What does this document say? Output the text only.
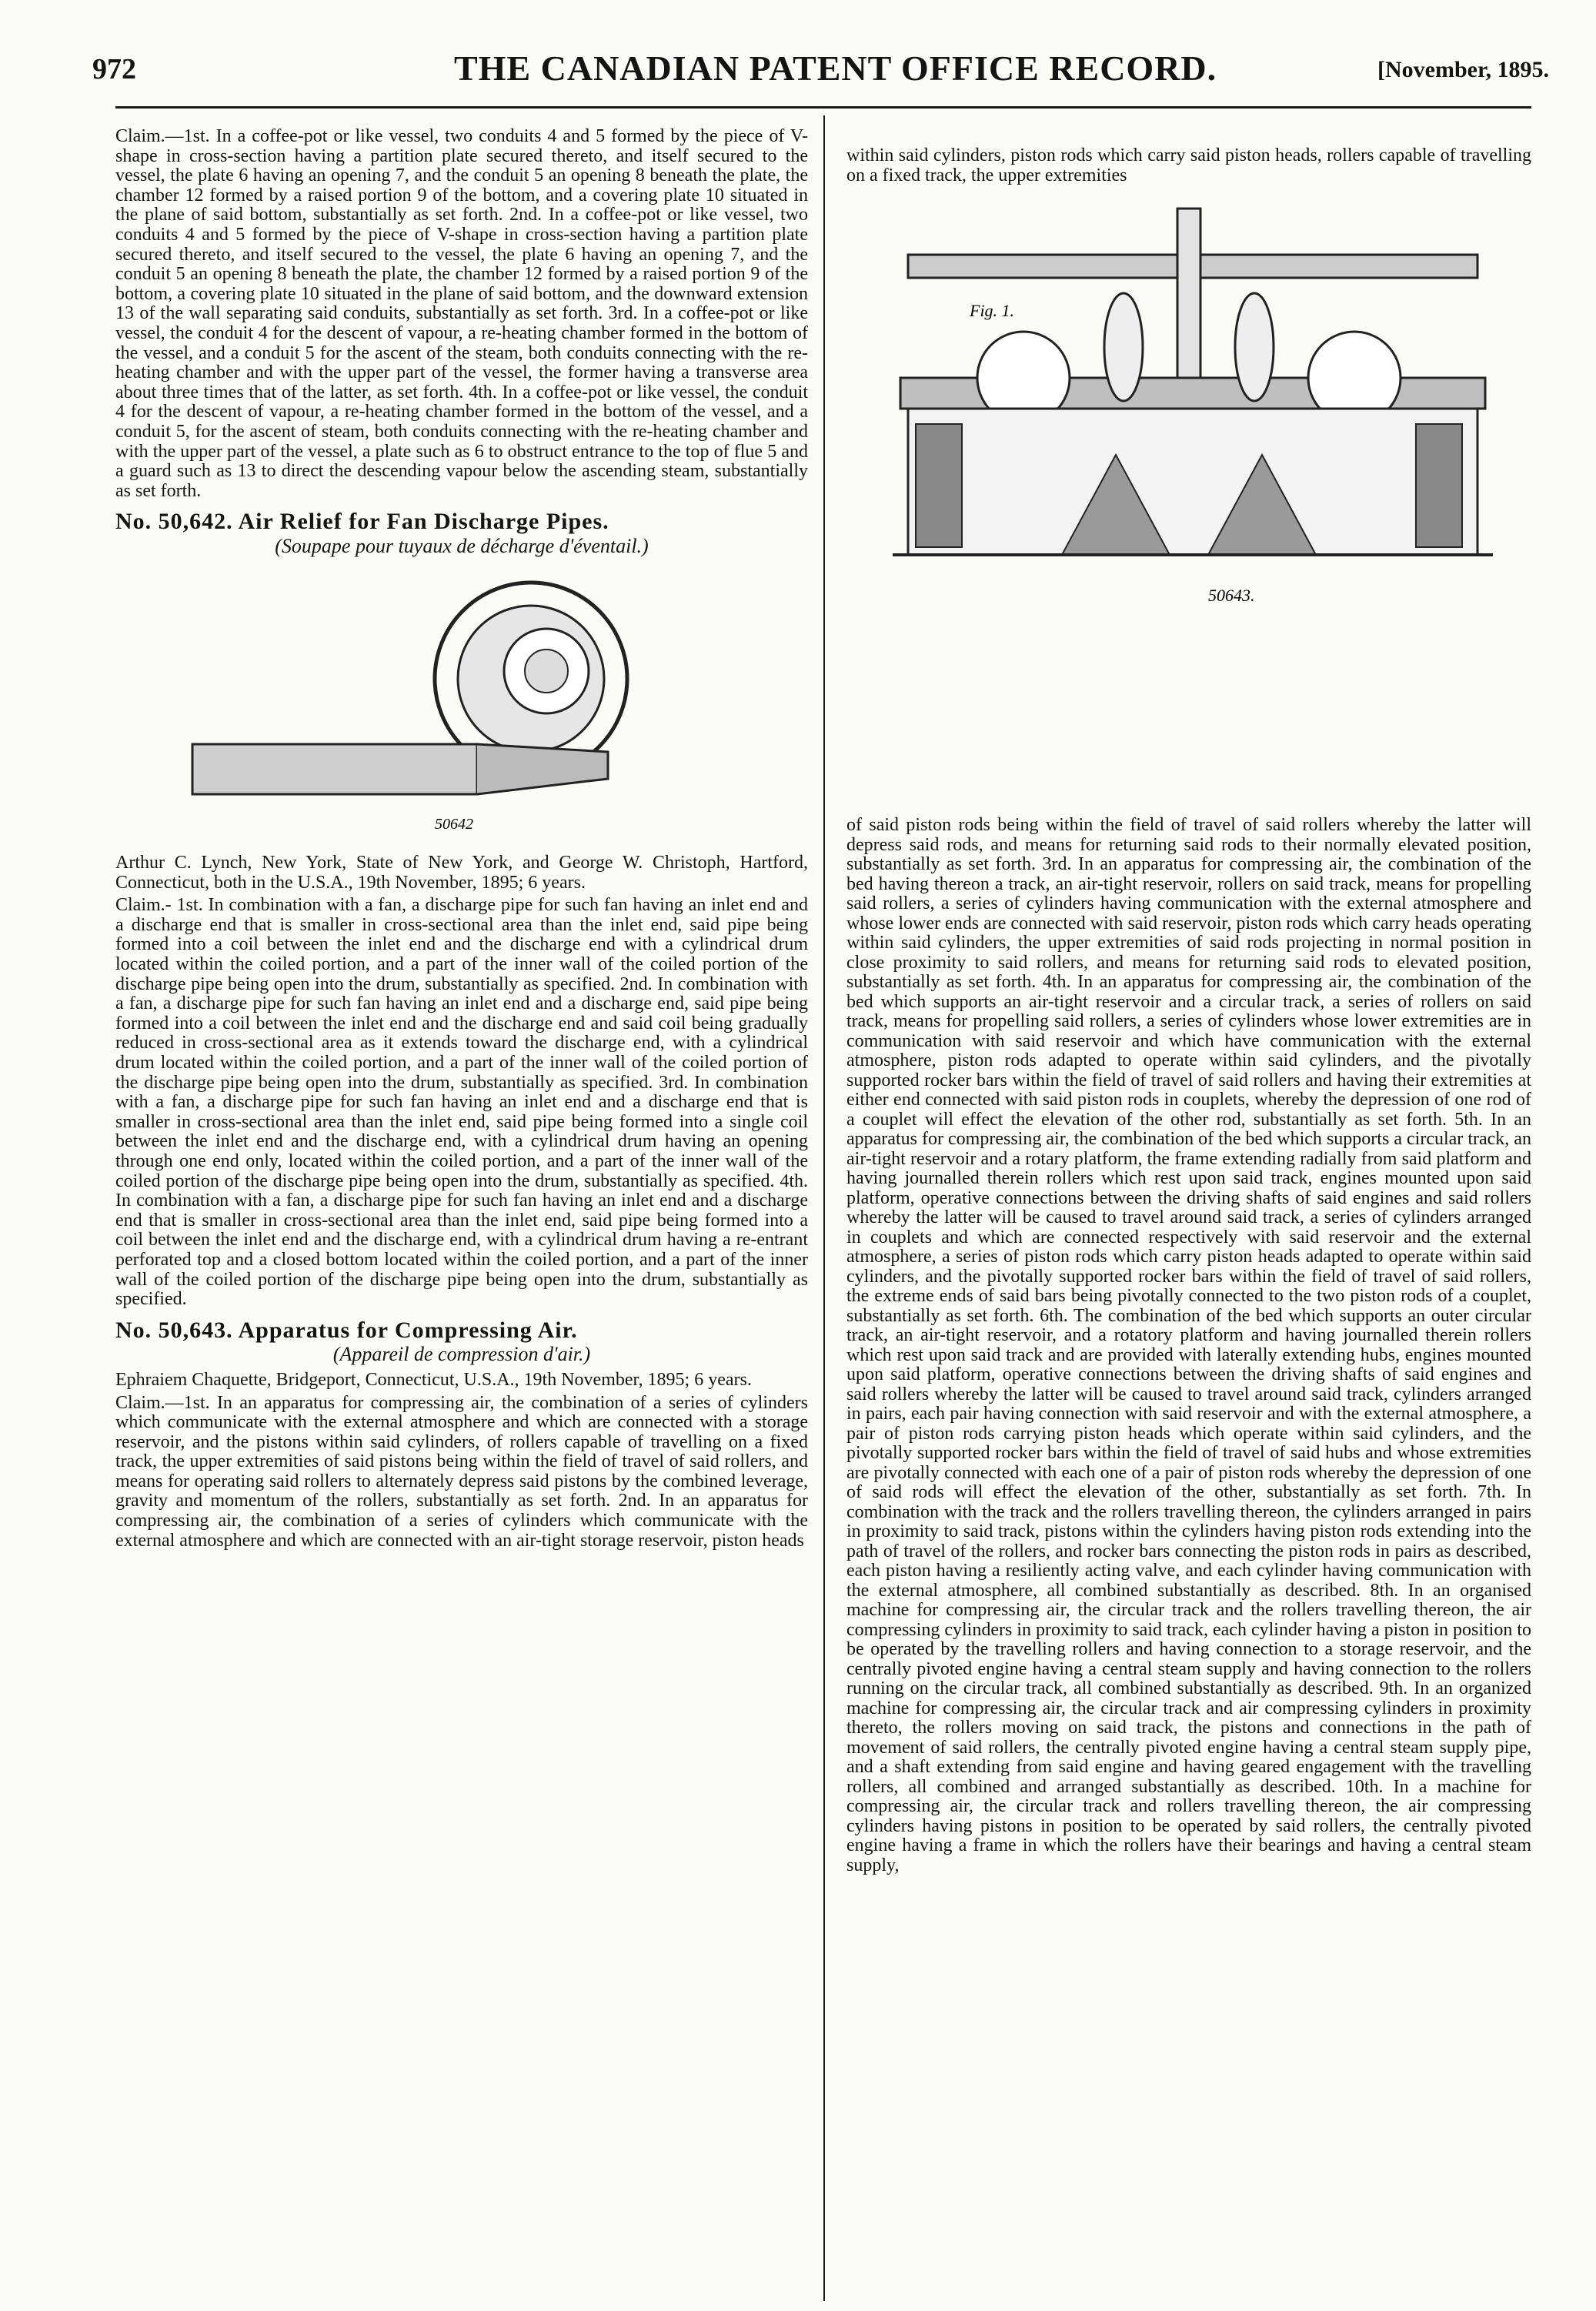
972	THE CANADIAN PATENT OFFICE RECORD.	[November, 1895.

Claim.—1st. In a coffee-pot or like vessel, two conduits 4 and 5 formed by the piece of V-shape in cross-section having a partition plate secured thereto, and itself secured to the vessel, the plate 6 having an opening 7, and the conduit 5 an opening 8 beneath the plate, the chamber 12 formed by a raised portion 9 of the bottom, and a covering plate 10 situated in the plane of said bottom, substantially as set forth. 2nd. In a coffee-pot or like vessel, two conduits 4 and 5 formed by the piece of V-shape in cross-section having a partition plate secured thereto, and itself secured to the vessel, the plate 6 having an opening 7, and the conduit 5 an opening 8 beneath the plate, the chamber 12 formed by a raised portion 9 of the bottom, a covering plate 10 situated in the plane of said bottom, and the downward extension 13 of the wall separating said conduits, substantially as set forth. 3rd. In a coffee-pot or like vessel, the conduit 4 for the descent of vapour, a re-heating chamber formed in the bottom of the vessel, and a conduit 5 for the ascent of the steam, both conduits connecting with the re-heating chamber and with the upper part of the vessel, the former having a transverse area about three times that of the latter, as set forth. 4th. In a coffee-pot or like vessel, the conduit 4 for the descent of vapour, a re-heating chamber formed in the bottom of the vessel, and a conduit 5, for the ascent of steam, both conduits connecting with the re-heating chamber and with the upper part of the vessel, a plate such as 6 to obstruct entrance to the top of flue 5 and a guard such as 13 to direct the descending vapour below the ascending steam, substantially as set forth.

No. 50,642. Air Relief for Fan Discharge Pipes.
(Soupape pour tuyaux de décharge d'éventail.)
50642

Arthur C. Lynch, New York, State of New York, and George W. Christoph, Hartford, Connecticut, both in the U.S.A., 19th November, 1895; 6 years.

Claim.- 1st. In combination with a fan, a discharge pipe for such fan having an inlet end and a discharge end that is smaller in cross-sectional area than the inlet end, said pipe being formed into a coil between the inlet end and the discharge end with a cylindrical drum located within the coiled portion, and a part of the inner wall of the coiled portion of the discharge pipe being open into the drum, substantially as specified. 2nd. In combination with a fan, a discharge pipe for such fan having an inlet end and a discharge end, said pipe being formed into a coil between the inlet end and the discharge end and said coil being gradually reduced in cross-sectional area as it extends toward the discharge end, with a cylindrical drum located within the coiled portion, and a part of the inner wall of the coiled portion of the discharge pipe being open into the drum, substantially as specified. 3rd. In combination with a fan, a discharge pipe for such fan having an inlet end and a discharge end that is smaller in cross-sectional area than the inlet end, said pipe being formed into a single coil between the inlet end and the discharge end, with a cylindrical drum having an opening through one end only, located within the coiled portion, and a part of the inner wall of the coiled portion of the discharge pipe being open into the drum, substantially as specified. 4th. In combination with a fan, a discharge pipe for such fan having an inlet end and a discharge end that is smaller in cross-sectional area than the inlet end, said pipe being formed into a coil between the inlet end and the discharge end, with a cylindrical drum having a re-entrant perforated top and a closed bottom located within the coiled portion, and a part of the inner wall of the coiled portion of the discharge pipe being open into the drum, substantially as specified.

No. 50,643. Apparatus for Compressing Air.
(Appareil de compression d'air.)

Ephraiem Chaquette, Bridgeport, Connecticut, U.S.A., 19th November, 1895; 6 years.

Claim.—1st. In an apparatus for compressing air, the combination of a series of cylinders which communicate with the external atmosphere and which are connected with a storage reservoir, and the pistons within said cylinders, of rollers capable of travelling on a fixed track, the upper extremities of said pistons being within the field of travel of said rollers, and means for operating said rollers to alternately depress said pistons by the combined leverage, gravity and momentum of the rollers, substantially as set forth. 2nd. In an apparatus for compressing air, the combination of a series of cylinders which communicate with the external atmosphere and which are connected with an air-tight storage reservoir, piston heads

within said cylinders, piston rods which carry said piston heads, rollers capable of travelling on a fixed track, the upper extremities

Fig. 1.
50643.

of said piston rods being within the field of travel of said rollers whereby the latter will depress said rods, and means for returning said rods to their normally elevated position, substantially as set forth. 3rd. In an apparatus for compressing air, the combination of the bed having thereon a track, an air-tight reservoir, rollers on said track, means for propelling said rollers, a series of cylinders having communication with the external atmosphere and whose lower ends are connected with said reservoir, piston rods which carry heads operating within said cylinders, the upper extremities of said rods projecting in normal position in close proximity to said rollers, and means for returning said rods to elevated position, substantially as set forth. 4th. In an apparatus for compressing air, the combination of the bed which supports an air-tight reservoir and a circular track, a series of rollers on said track, means for propelling said rollers, a series of cylinders whose lower extremities are in communication with said reservoir and which have communication with the external atmosphere, piston rods adapted to operate within said cylinders, and the pivotally supported rocker bars within the field of travel of said rollers and having their extremities at either end connected with said piston rods in couplets, whereby the depression of one rod of a couplet will effect the elevation of the other rod, substantially as set forth. 5th. In an apparatus for compressing air, the combination of the bed which supports a circular track, an air-tight reservoir and a rotary platform, the frame extending radially from said platform and having journalled therein rollers which rest upon said track, engines mounted upon said platform, operative connections between the driving shafts of said engines and said rollers whereby the latter will be caused to travel around said track, a series of cylinders arranged in couplets and which are connected respectively with said reservoir and the external atmosphere, a series of piston rods which carry piston heads adapted to operate within said cylinders, and the pivotally supported rocker bars within the field of travel of said rollers, the extreme ends of said bars being pivotally connected to the two piston rods of a couplet, substantially as set forth. 6th. The combination of the bed which supports an outer circular track, an air-tight reservoir, and a rotatory platform and having journalled therein rollers which rest upon said track and are provided with laterally extending hubs, engines mounted upon said platform, operative connections between the driving shafts of said engines and said rollers whereby the latter will be caused to travel around said track, cylinders arranged in pairs, each pair having connection with said reservoir and with the external atmosphere, a pair of piston rods carrying piston heads which operate within said cylinders, and the pivotally supported rocker bars within the field of travel of said hubs and whose extremities are pivotally connected with each one of a pair of piston rods whereby the depression of one of said rods will effect the elevation of the other, substantially as set forth. 7th. In combination with the track and the rollers travelling thereon, the cylinders arranged in pairs in proximity to said track, pistons within the cylinders having piston rods extending into the path of travel of the rollers, and rocker bars connecting the piston rods in pairs as described, each piston having a resiliently acting valve, and each cylinder having communication with the external atmosphere, all combined substantially as described. 8th. In an organised machine for compressing air, the circular track and the rollers travelling thereon, the air compressing cylinders in proximity to said track, each cylinder having a piston in position to be operated by the travelling rollers and having connection to a storage reservoir, and the centrally pivoted engine having a central steam supply and having connection to the rollers running on the circular track, all combined substantially as described. 9th. In an organized machine for compressing air, the circular track and air compressing cylinders in proximity thereto, the rollers moving on said track, the pistons and connections in the path of movement of said rollers, the centrally pivoted engine having a central steam supply pipe, and a shaft extending from said engine and having geared engagement with the travelling rollers, all combined and arranged substantially as described. 10th. In a machine for compressing air, the circular track and rollers travelling thereon, the air compressing cylinders having pistons in position to be operated by said rollers, the centrally pivoted engine having a frame in which the rollers have their bearings and having a central steam supply,
